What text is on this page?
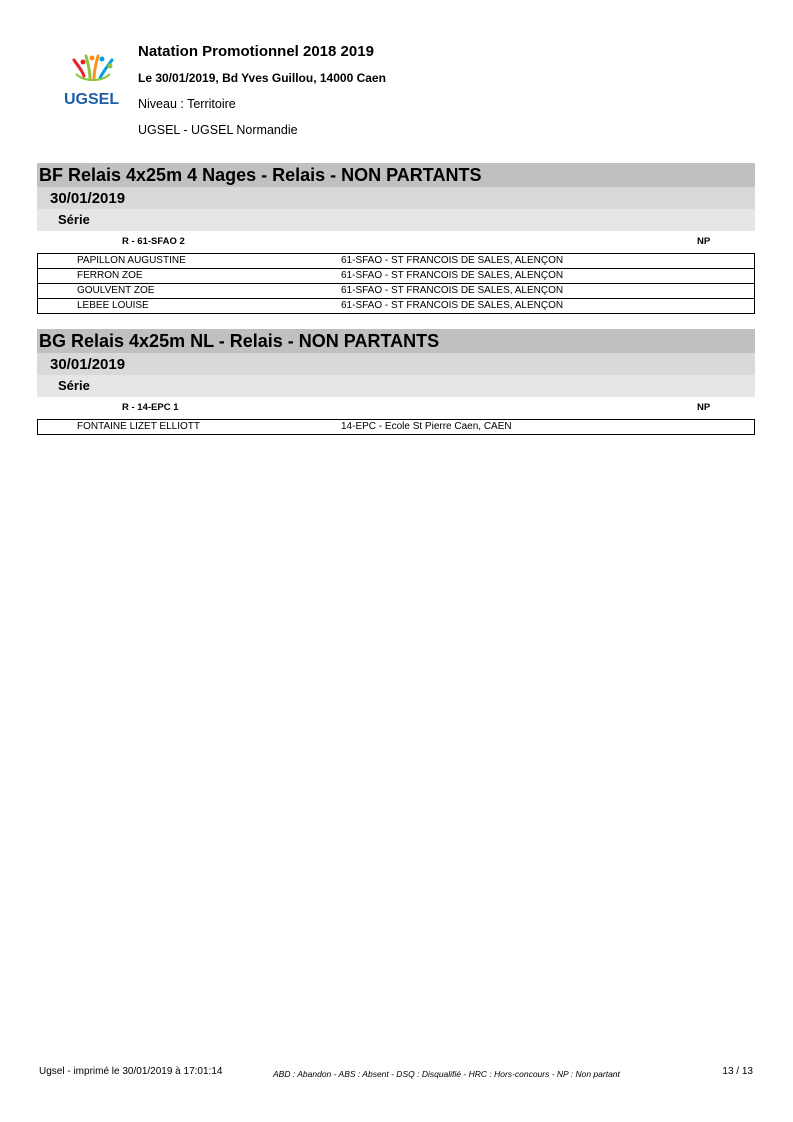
UGSEL
Natation Promotionnel 2018 2019
Le 30/01/2019, Bd Yves Guillou, 14000 Caen
Niveau : Territoire
UGSEL - UGSEL Normandie
BF Relais 4x25m 4 Nages - Relais - NON PARTANTS
30/01/2019
Série
R - 61-SFAO 2	NP
PAPILLON AUGUSTINE	61-SFAO - ST FRANCOIS DE SALES, ALENÇON
FERRON ZOE	61-SFAO - ST FRANCOIS DE SALES, ALENÇON
GOULVENT ZOE	61-SFAO - ST FRANCOIS DE SALES, ALENÇON
LEBEE LOUISE	61-SFAO - ST FRANCOIS DE SALES, ALENÇON
BG Relais 4x25m NL - Relais - NON PARTANTS
30/01/2019
Série
R - 14-EPC 1	NP
FONTAINE LIZET ELLIOTT	14-EPC - Ecole St Pierre Caen, CAEN
Ugsel - imprimé le 30/01/2019 à 17:01:14	ABD : Abandon - ABS : Absent - DSQ : Disqualifié - HRC : Hors-concours - NP : Non partant	13 / 13
